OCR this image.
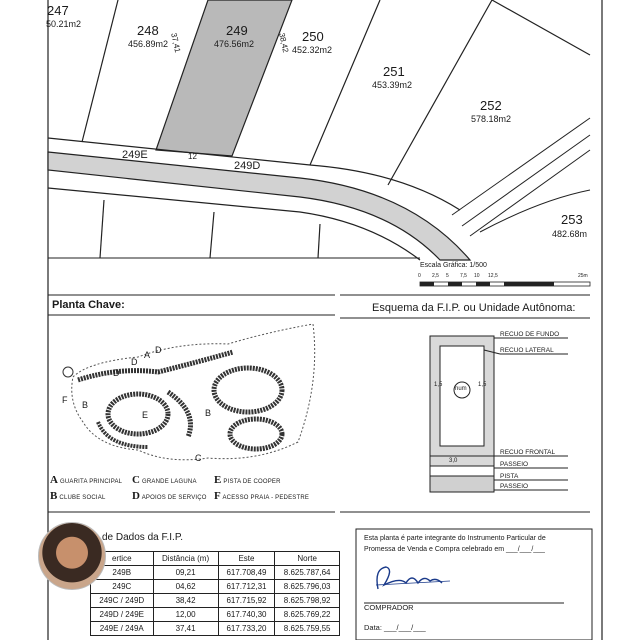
247
50.21m2	248
456.89m2
249
476.56m2	250
452.32m2
251
453.39m2
252
578.18m2
253
482.68m
37,41	38,42
12
249E
249D
Escala Gráfica: 1/500
0 2,5 5 7,5 10 12,5	25m
Planta Chave:
A
D
D
D
E	B
B
C
F
A GUARITA PRINCIPAL
B CLUBE SOCIAL
C GRANDE LAGUNA
D APOIOS DE SERVIÇO
E PISTA DE COOPER
F ACESSO PRAIA - PEDESTRE
Esquema da F.I.P. ou Unidade Autônoma:
num
1,5	1,5
3,0
RECUO DE FUNDO
RECUO LATERAL
RECUO FRONTAL
PASSEIO
PISTA
PASSEIO
de Dados da F.I.P.
ertice	Distância (m)	Este	Norte
249B	09,21	617.708,49	8.625.787,64
249C	04,62	617.712,31	8.625.796,03
249C / 249D	38,42	617.715,92	8.625.798,92
249D / 249E	12,00	617.740,30	8.625.769,22
249E / 249A	37,41	617.733,20	8.625.759,55
Esta planta é parte integrante do Instrumento Particular de
Promessa de Venda e Compra celebrado em ___/___/___
COMPRADOR
Data: ___/___/___
